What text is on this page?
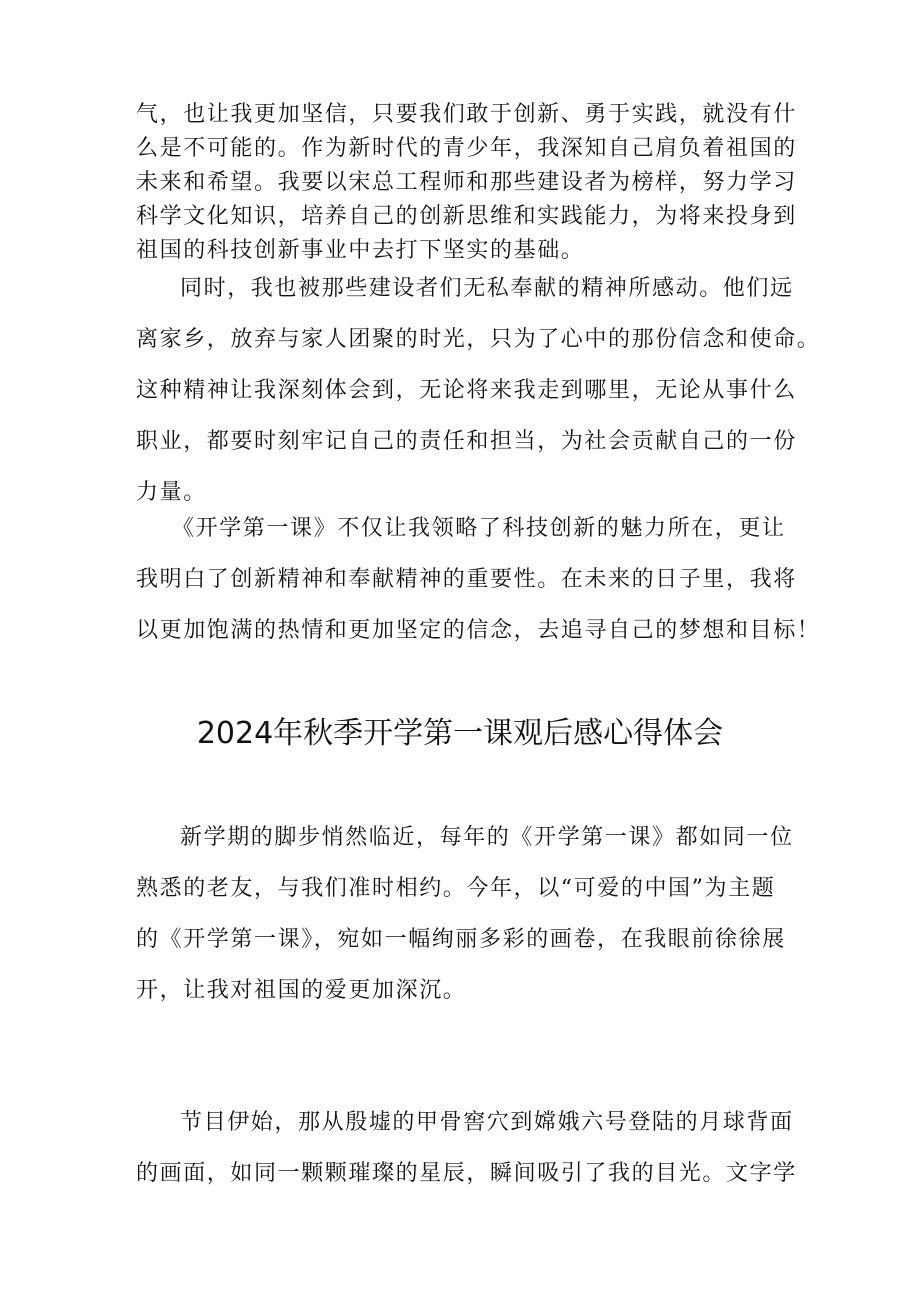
气，也让我更加坚信，只要我们敢于创新、勇于实践，就没有什
么是不可能的。作为新时代的青少年，我深知自己肩负着祖国的
未来和希望。我要以宋总工程师和那些建设者为榜样，努力学习
科学文化知识，培养自己的创新思维和实践能力，为将来投身到
祖国的科技创新事业中去打下坚实的基础。
同时，我也被那些建设者们无私奉献的精神所感动。他们远
离家乡，放弃与家人团聚的时光，只为了心中的那份信念和使命。
这种精神让我深刻体会到，无论将来我走到哪里，无论从事什么
职业，都要时刻牢记自己的责任和担当，为社会贡献自己的一份
力量。
《开学第一课》不仅让我领略了科技创新的魅力所在，更让
我明白了创新精神和奉献精神的重要性。在未来的日子里，我将
以更加饱满的热情和更加坚定的信念，去追寻自己的梦想和目标！
2024年秋季开学第一课观后感心得体会
新学期的脚步悄然临近，每年的《开学第一课》都如同一位
熟悉的老友，与我们准时相约。今年，以“可爱的中国”为主题
的《开学第一课》，宛如一幅绚丽多彩的画卷，在我眼前徐徐展
开，让我对祖国的爱更加深沉。
节目伊始，那从殷墟的甲骨窖穴到嫦娥六号登陆的月球背面
的画面，如同一颗颗璀璨的星辰，瞬间吸引了我的目光。文字学
